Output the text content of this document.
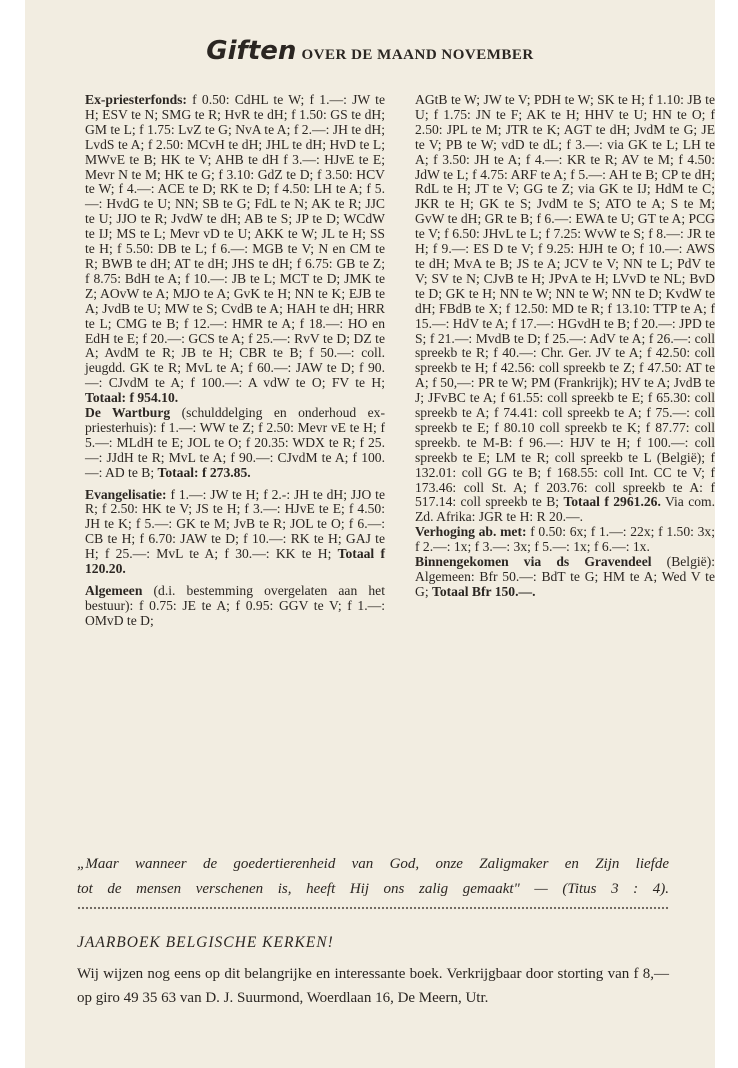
Giften OVER DE MAAND NOVEMBER

Ex-priesterfonds: f 0.50: CdHL te W; f 1.—: JW te H; ESV te N; SMG te R; HvR te dH; f 1.50: GS te dH; GM te L; f 1.75: LvZ te G; NvA te A; f 2.—: JH te dH; LvdS te A; f 2.50: MCvH te dH; JHL te dH; HvD te L; MWvE te B; HK te V; AHB te dH f 3.—: HJvE te E; Mevr N te M; HK te G; f 3.10: GdZ te D; f 3.50: HCV te W; f 4.—: ACE te D; RK te D; f 4.50: LH te A; f 5.—: HvdG te U; NN; SB te G; FdL te N; AK te R; JJC te U; JJO te R; JvdW te dH; AB te S; JP te D; WCdW te IJ; MS te L; Mevr vD te U; AKK te W; JL te H; SS te H; f 5.50: DB te L; f 6.—: MGB te V; N en CM te R; BWB te dH; AT te dH; JHS te dH; f 6.75: GB te Z; f 8.75: BdH te A; f 10.—: JB te L; MCT te D; JMK te Z; AOvW te A; MJO te A; GvK te H; NN te K; EJB te A; JvdB te U; MW te S; CvdB te A; HAH te dH; HRR te L; CMG te B; f 12.—: HMR te A; f 18.—: HO en EdH te E; f 20.—: GCS te A; f 25.—: RvV te D; DZ te A; AvdM te R; JB te H; CBR te B; f 50.—: coll. jeugdd. GK te R; MvL te A; f 60.—: JAW te D; f 90.—: CJvdM te A; f 100.—: A vdW te O; FV te H; Totaal: f 954.10.

De Wartburg (schulddelging en onderhoud ex-priesterhuis): f 1.—: WW te Z; f 2.50: Mevr vE te H; f 5.—: MLdH te E; JOL te O; f 20.35: WDX te R; f 25.—: JJdH te R; MvL te A; f 90.—: CJvdM te A; f 100.—: AD te B; Totaal: f 273.85.

Evangelisatie: f 1.—: JW te H; f 2.-: JH te dH; JJO te R; f 2.50: HK te V; JS te H; f 3.—: HJvE te E; f 4.50: JH te K; f 5.—: GK te M; JvB te R; JOL te O; f 6.—: CB te H; f 6.70: JAW te D; f 10.—: RK te H; GAJ te H; f 25.—: MvL te A; f 30.—: KK te H; Totaal f 120.20.

Algemeen (d.i. bestemming overgelaten aan het bestuur): f 0.75: JE te A; f 0.95: GGV te V; f 1.—: OMvD te D;

AGtB te W; JW te V; PDH te W; SK te H; f 1.10: JB te U; f 1.75: JN te F; AK te H; HHV te U; HN te O; f 2.50: JPL te M; JTR te K; AGT te dH; JvdM te G; JE te V; PB te W; vdD te dL; f 3.—: via GK te L; LH te A; f 3.50: JH te A; f 4.—: KR te R; AV te M; f 4.50: JdW te L; f 4.75: ARF te A; f 5.—: AH te B; CP te dH; RdL te H; JT te V; GG te Z; via GK te IJ; HdM te C; JKR te H; GK te S; JvdM te S; ATO te A; S te M; GvW te dH; GR te B; f 6.—: EWA te U; GT te A; PCG te V; f 6.50: JHvL te L; f 7.25: WvW te S; f 8.—: JR te H; f 9.—: ES D te V; f 9.25: HJH te O; f 10.—: AWS te dH; MvA te B; JS te A; JCV te V; NN te L; PdV te V; SV te N; CJvB te H; JPvA te H; LVvD te NL; BvD te D; GK te H; NN te W; NN te W; NN te D; KvdW te dH; FBdB te X; f 12.50: MD te R; f 13.10: TTP te A; f 15.—: HdV te A; f 17.—: HGvdH te B; f 20.—: JPD te S; f 21.—: MvdB te D; f 25.—: AdV te A; f 26.—: coll spreekb te R; f 40.—: Chr. Ger. JV te A; f 42.50: coll spreekb te H; f 42.56: coll spreekb te Z; f 47.50: AT te A; f 50,—: PR te W; PM (Frankrijk); HV te A; JvdB te J; JFvBC te A; f 61.55: coll spreekb te E; f 65.30: coll spreekb te A; f 74.41: coll spreekb te A; f 75.—: coll spreekb te E; f 80.10 coll spreekb te K; f 87.77: coll spreekb. te M-B: f 96.—: HJV te H; f 100.—: coll spreekb te E; LM te R; coll spreekb te L (België); f 132.01: coll GG te B; f 168.55: coll Int. CC te V; f 173.46: coll St. A; f 203.76: coll spreekb te A: f 517.14: coll spreekb te B; Totaal f 2961.26. Via com. Zd. Afrika: JGR te H: R 20.—.

Verhoging ab. met: f 0.50: 6x; f 1.—: 22x; f 1.50: 3x; f 2.—: 1x; f 3.—: 3x; f 5.—: 1x; f 6.—: 1x.

Binnengekomen via ds Gravendeel (België): Algemeen: Bfr 50.—: BdT te G; HM te A; Wed V te G; Totaal Bfr 150.—.

„Maar wanneer de goedertierenheid van God, onze Zaligmaker en Zijn liefde
tot de mensen verschenen is, heeft Hij ons zalig gemaakt" — (Titus 3 : 4).
JAARBOEK BELGISCHE KERKEN!
Wij wijzen nog eens op dit belangrijke en interessante boek. Verkrijgbaar door storting van f 8,— op giro 49 35 63 van D. J. Suurmond, Woerdlaan 16, De Meern, Utr.
